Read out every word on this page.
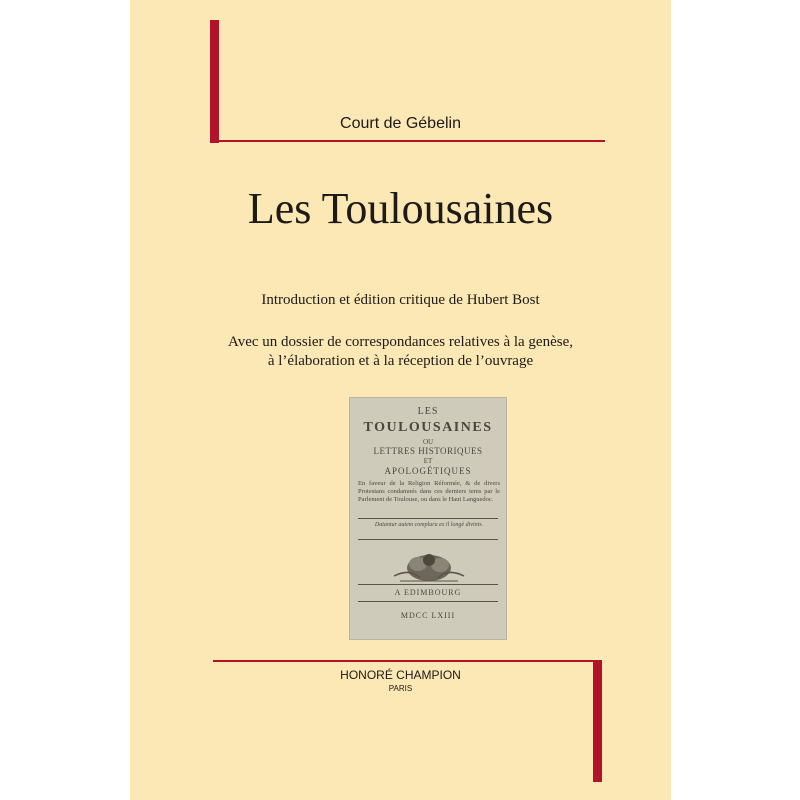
Court de Gébelin
Les Toulousaines
Introduction et édition critique de Hubert Bost
Avec un dossier de correspondances relatives à la genèse,
à l’élaboration et à la réception de l’ouvrage
LES
TOULOUSAINES
OU
LETTRES HISTORIQUES
ET
APOLOGÉTIQUES
En faveur de la Religion Réformée, & de divers Protestans condamnés dans ces derniers tems par le Parlement de Toulouse, ou dans le Haut Languedoc.
Datantur autem complura ex il longè divinis.
A EDIMBOURG
MDCC LXIII
HONORÉ CHAMPION
PARIS
